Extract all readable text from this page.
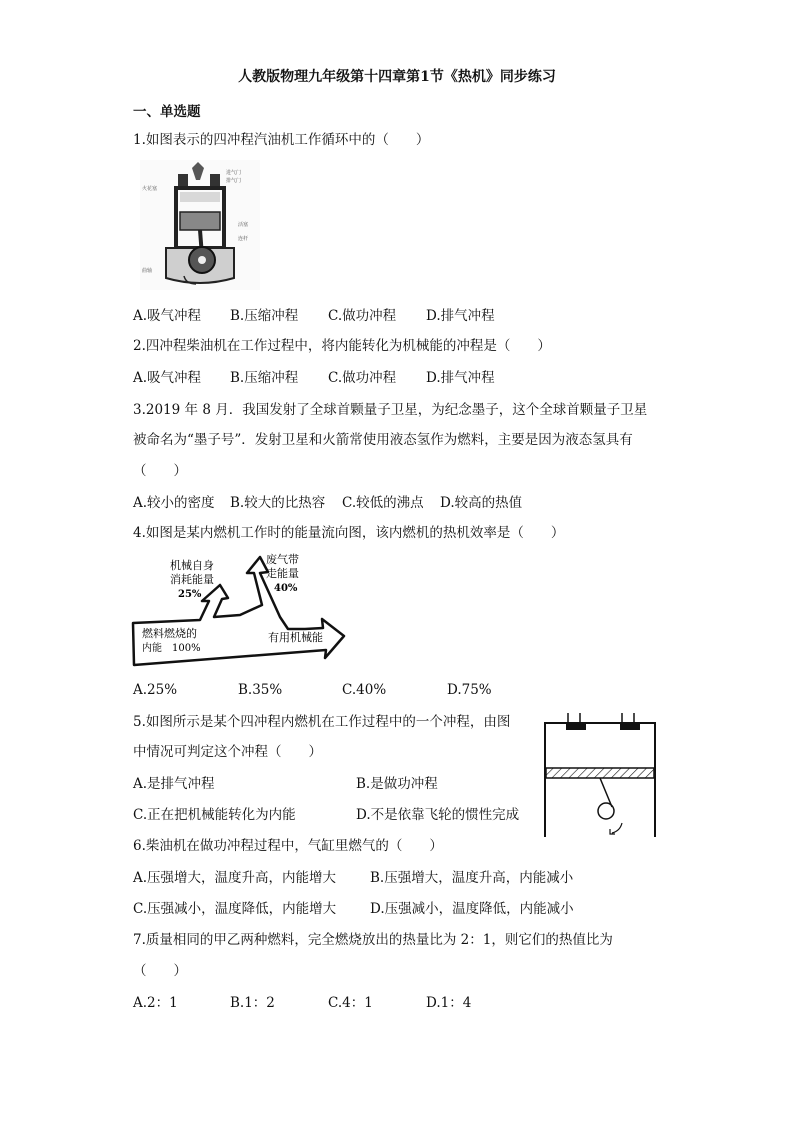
人教版物理九年级第十四章第1节《热机》同步练习
一、单选题
1.如图表示的四冲程汽油机工作循环中的（　　）
进气门
排气门
火花塞
活塞
连杆
曲轴
A.吸气冲程 B.压缩冲程 C.做功冲程 D.排气冲程
2.四冲程柴油机在工作过程中，将内能转化为机械能的冲程是（　　）
A.吸气冲程 B.压缩冲程 C.做功冲程 D.排气冲程
3.2019 年 8 月．我国发射了全球首颗量子卫星，为纪念墨子，这个全球首颗量子卫星
被命名为“墨子号”．发射卫星和火箭常使用液态氢作为燃料，主要是因为液态氢具有
（　　）
A.较小的密度 B.较大的比热容 C.较低的沸点 D.较高的热值
4.如图是某内燃机工作时的能量流向图，该内燃机的热机效率是（　　）
机械自身
消耗能量
25%
废气带
走能量
40%
燃料燃烧的
内能　100%
有用机械能
A.25%	B.35%	C.40%	D.75%
5.如图所示是某个四冲程内燃机在工作过程中的一个冲程，由图
中情况可判定这个冲程（　　）
A.是排气冲程	B.是做功冲程
C.正在把机械能转化为内能	D.不是依靠飞轮的惯性完成
6.柴油机在做功冲程过程中，气缸里燃气的（　　）
A.压强增大，温度升高，内能增大	B.压强增大，温度升高，内能减小
C.压强减小，温度降低，内能增大	D.压强减小，温度降低，内能减小
7.质量相同的甲乙两种燃料，完全燃烧放出的热量比为 2：1，则它们的热值比为
（　　）
A.2：1	B.1：2	C.4：1	D.1：4
